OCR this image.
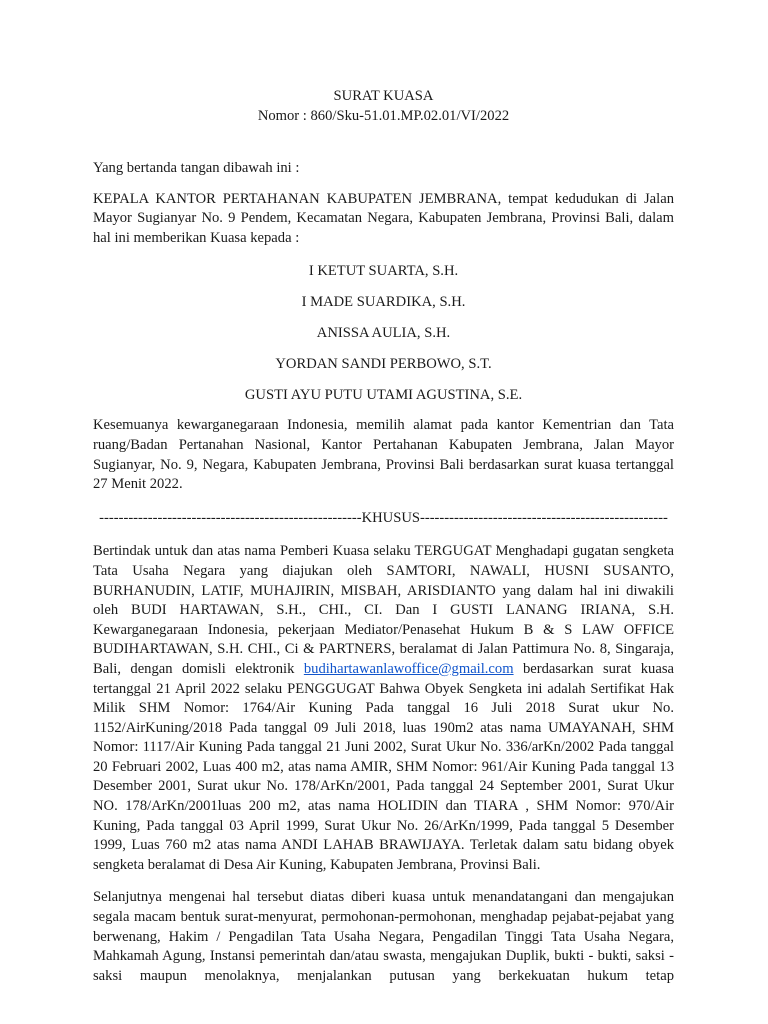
SURAT KUASA

Nomor : 860/Sku-51.01.MP.02.01/VI/2022

Yang bertanda tangan dibawah ini :

KEPALA KANTOR PERTAHANAN KABUPATEN JEMBRANA, tempat kedudukan di Jalan Mayor Sugianyar No. 9 Pendem, Kecamatan Negara, Kabupaten Jembrana, Provinsi Bali, dalam hal ini memberikan Kuasa kepada :

I KETUT SUARTA, S.H.

I MADE SUARDIKA, S.H.

ANISSA AULIA, S.H.

YORDAN SANDI PERBOWO, S.T.

GUSTI AYU PUTU UTAMI AGUSTINA, S.E.

Kesemuanya kewarganegaraan Indonesia, memilih alamat pada kantor Kementrian dan Tata ruang/Badan Pertanahan Nasional, Kantor Pertahanan Kabupaten Jembrana, Jalan Mayor Sugianyar, No. 9, Negara, Kabupaten Jembrana, Provinsi Bali berdasarkan surat kuasa tertanggal 27 Menit 2022.

------------------------------------------------------KHUSUS---------------------------------------------------

Bertindak untuk dan atas nama Pemberi Kuasa selaku TERGUGAT Menghadapi gugatan sengketa Tata Usaha Negara yang diajukan oleh SAMTORI, NAWALI, HUSNI SUSANTO, BURHANUDIN, LATIF, MUHAJIRIN, MISBAH, ARISDIANTO yang dalam hal ini diwakili oleh BUDI HARTAWAN, S.H., CHI., CI. Dan I GUSTI LANANG IRIANA, S.H. Kewarganegaraan Indonesia, pekerjaan Mediator/Penasehat Hukum B & S LAW OFFICE BUDIHARTAWAN, S.H. CHI., Ci & PARTNERS, beralamat di Jalan Pattimura No. 8, Singaraja, Bali, dengan domisli elektronik budihartawanlawoffice@gmail.com berdasarkan surat kuasa tertanggal 21 April 2022 selaku PENGGUGAT Bahwa Obyek Sengketa ini adalah Sertifikat Hak Milik SHM Nomor: 1764/Air Kuning Pada tanggal 16 Juli 2018 Surat ukur No. 1152/AirKuning/2018 Pada tanggal 09 Juli 2018, luas 190m2 atas nama UMAYANAH, SHM Nomor: 1117/Air Kuning Pada tanggal 21 Juni 2002, Surat Ukur No. 336/arKn/2002 Pada tanggal 20 Februari 2002, Luas 400 m2, atas nama AMIR, SHM Nomor: 961/Air Kuning Pada tanggal 13 Desember 2001, Surat ukur No. 178/ArKn/2001, Pada tanggal 24 September 2001, Surat Ukur NO. 178/ArKn/2001luas 200 m2, atas nama HOLIDIN dan TIARA , SHM Nomor: 970/Air Kuning, Pada tanggal 03 April 1999, Surat Ukur No. 26/ArKn/1999, Pada tanggal 5 Desember 1999, Luas 760 m2 atas nama ANDI LAHAB BRAWIJAYA. Terletak dalam satu bidang obyek sengketa beralamat di Desa Air Kuning, Kabupaten Jembrana, Provinsi Bali.

Selanjutnya mengenai hal tersebut diatas diberi kuasa untuk menandatangani dan mengajukan segala macam bentuk surat-menyurat, permohonan-permohonan, menghadap pejabat-pejabat yang berwenang, Hakim / Pengadilan Tata Usaha Negara, Pengadilan Tinggi Tata Usaha Negara, Mahkamah Agung, Instansi pemerintah dan/atau swasta, mengajukan Duplik, bukti - bukti, saksi - saksi maupun menolaknya, menjalankan putusan yang berkekuatan hukum tetap
